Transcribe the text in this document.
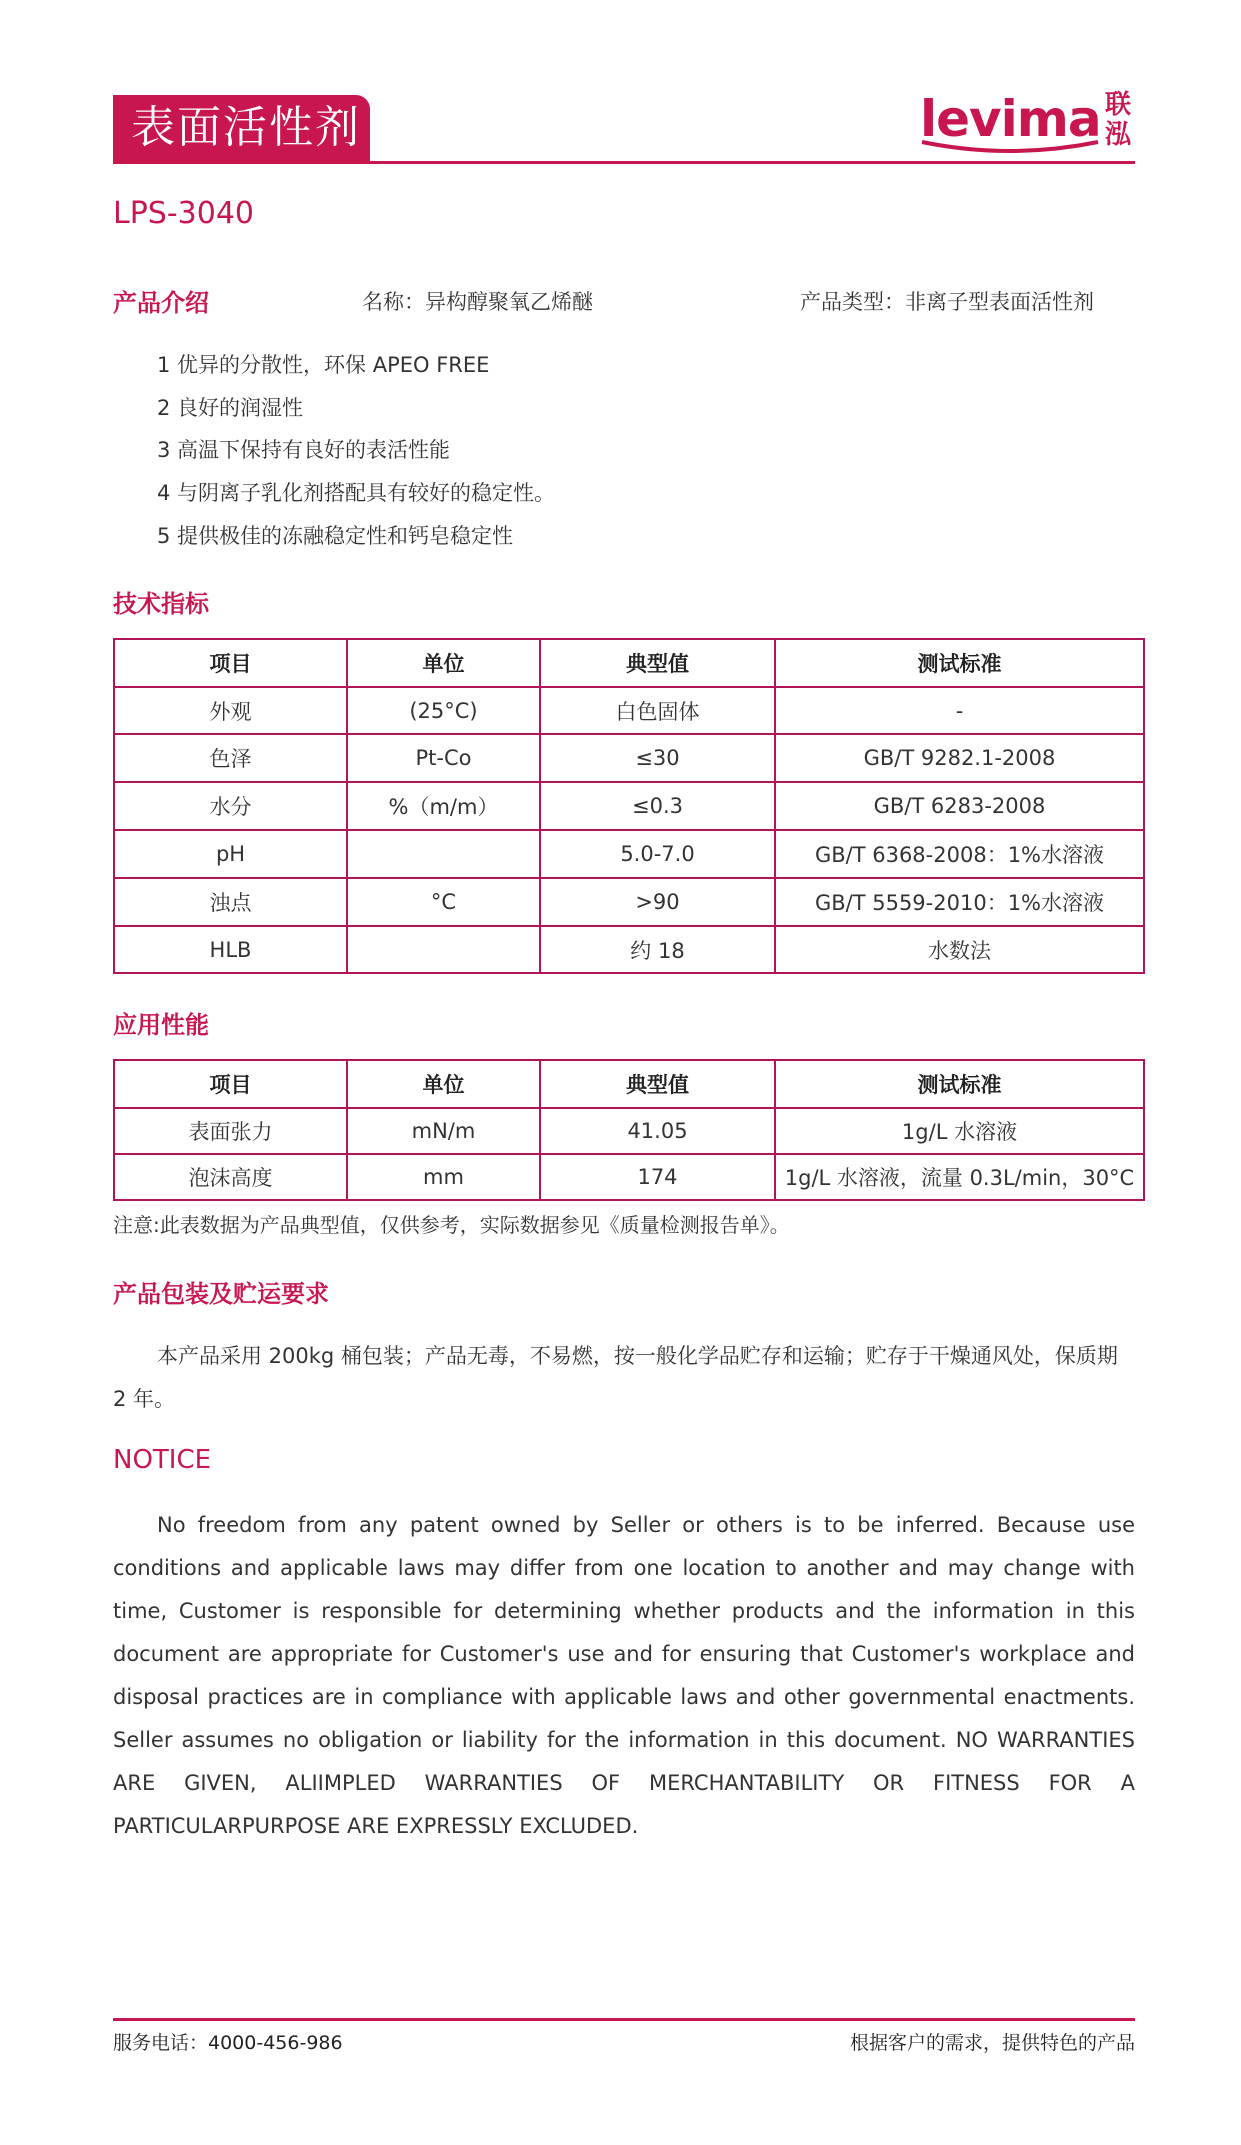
表面活性剂	levima 联泓
LPS-3040
产品介绍	名称：异构醇聚氧乙烯醚	产品类型：非离子型表面活性剂
1 优异的分散性，环保 APEO FREE
2 良好的润湿性
3 高温下保持有良好的表活性能
4 与阴离子乳化剂搭配具有较好的稳定性。
5 提供极佳的冻融稳定性和钙皂稳定性
技术指标
项目	单位	典型值	测试标准
外观	(25°C)	白色固体	-
色泽	Pt-Co	≤30	GB/T 9282.1-2008
水分	%（m/m）	≤0.3	GB/T 6283-2008
pH		5.0-7.0	GB/T 6368-2008：1%水溶液
浊点	°C	>90	GB/T 5559-2010：1%水溶液
HLB		约 18	水数法
应用性能
项目	单位	典型值	测试标准
表面张力	mN/m	41.05	1g/L 水溶液
泡沫高度	mm	174	1g/L 水溶液，流量 0.3L/min，30°C
注意:此表数据为产品典型值，仅供参考，实际数据参见《质量检测报告单》。
产品包装及贮运要求
本产品采用 200kg 桶包装；产品无毒，不易燃，按一般化学品贮存和运输；贮存于干燥通风处，保质期 2 年。
NOTICE
No freedom from any patent owned by Seller or others is to be inferred. Because use conditions and applicable laws may differ from one location to another and may change with time, Customer is responsible for determining whether products and the information in this document are appropriate for Customer's use and for ensuring that Customer's workplace and disposal practices are in compliance with applicable laws and other governmental enactments. Seller assumes no obligation or liability for the information in this document. NO WARRANTIES ARE GIVEN, ALIIMPLED WARRANTIES OF MERCHANTABILITY OR FITNESS FOR A PARTICULARPURPOSE ARE EXPRESSLY EXCLUDED.
服务电话：4000-456-986	根据客户的需求，提供特色的产品
